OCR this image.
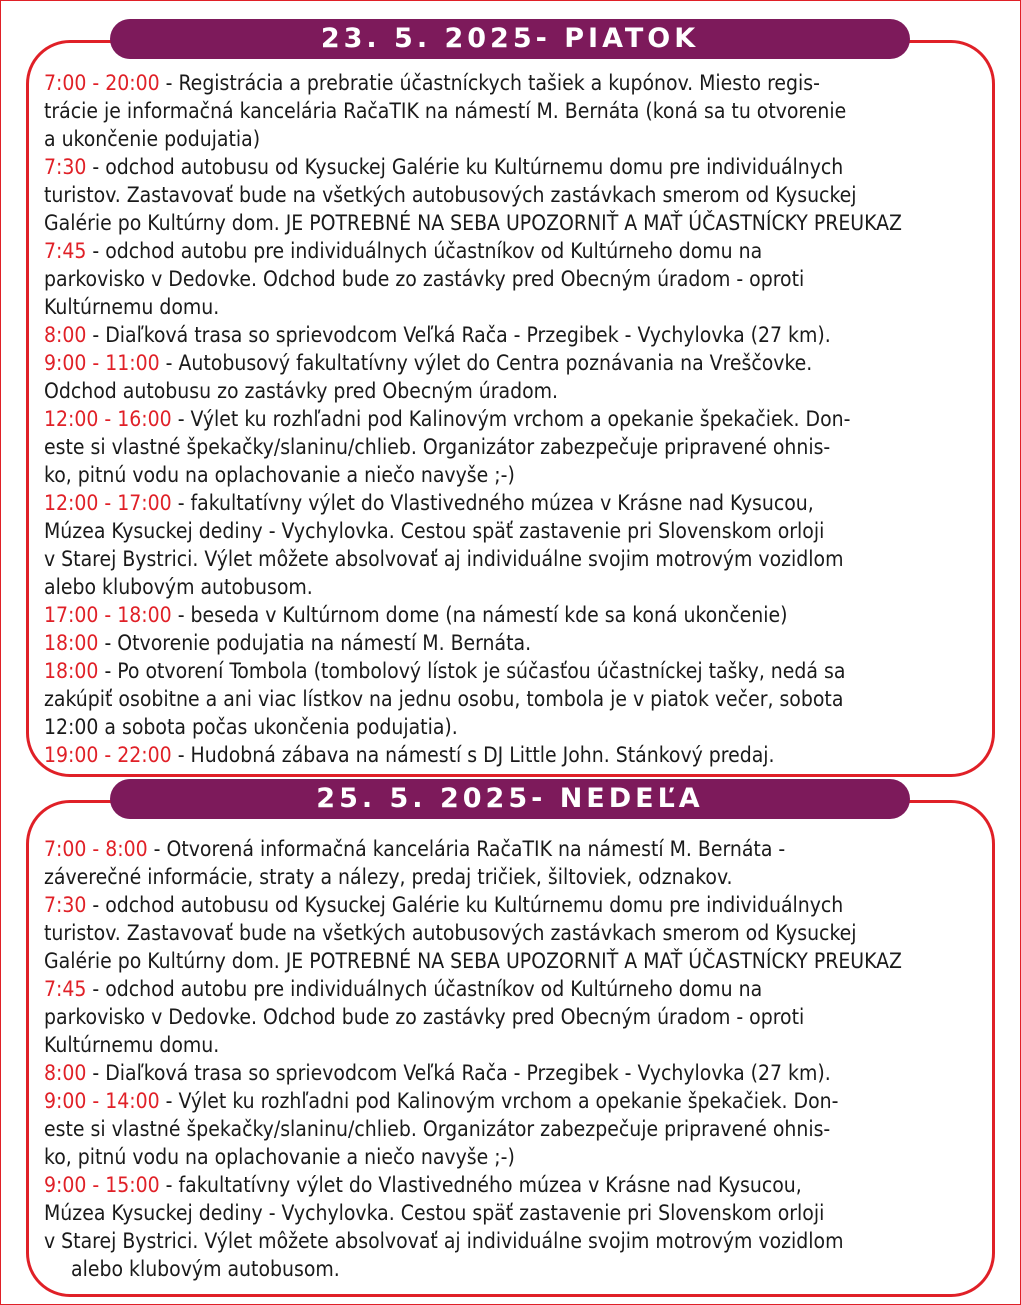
23. 5. 2025- PIATOK
7:00 - 20:00 - Registrácia a prebratie účastníckych tašiek a kupónov. Miesto regis-
trácie je informačná kancelária RačaTIK na námestí M. Bernáta (koná sa tu otvorenie
a ukončenie podujatia)
7:30 - odchod autobusu od Kysuckej Galérie ku Kultúrnemu domu pre individuálnych
turistov. Zastavovať bude na všetkých autobusových zastávkach smerom od Kysuckej
Galérie po Kultúrny dom. JE POTREBNÉ NA SEBA UPOZORNIŤ A MAŤ ÚČASTNÍCKY PREUKAZ
7:45 - odchod autobu pre individuálnych účastníkov od Kultúrneho domu na
parkovisko v Dedovke. Odchod bude zo zastávky pred Obecným úradom - oproti
Kultúrnemu domu.
8:00 - Diaľková trasa so sprievodcom Veľká Rača - Przegibek - Vychylovka (27 km).
9:00 - 11:00 - Autobusový fakultatívny výlet do Centra poznávania na Vreščovke.
Odchod autobusu zo zastávky pred Obecným úradom.
12:00 - 16:00 - Výlet ku rozhľadni pod Kalinovým vrchom a opekanie špekačiek. Don-
este si vlastné špekačky/slaninu/chlieb. Organizátor zabezpečuje pripravené ohnis-
ko, pitnú vodu na oplachovanie a niečo navyše ;-)
12:00 - 17:00 - fakultatívny výlet do Vlastivedného múzea v Krásne nad Kysucou,
Múzea Kysuckej dediny - Vychylovka. Cestou späť zastavenie pri Slovenskom orloji
v Starej Bystrici. Výlet môžete absolvovať aj individuálne svojim motrovým vozidlom
alebo klubovým autobusom.
17:00 - 18:00 - beseda v Kultúrnom dome (na námestí kde sa koná ukončenie)
18:00 - Otvorenie podujatia na námestí M. Bernáta.
18:00 - Po otvorení Tombola (tombolový lístok je súčasťou účastníckej tašky, nedá sa
zakúpiť osobitne a ani viac lístkov na jednu osobu, tombola je v piatok večer, sobota
12:00 a sobota počas ukončenia podujatia).
19:00 - 22:00 - Hudobná zábava na námestí s DJ Little John. Stánkový predaj.
25. 5. 2025- NEDEĽA
7:00 - 8:00 - Otvorená informačná kancelária RačaTIK na námestí M. Bernáta -
záverečné informácie, straty a nálezy, predaj tričiek, šiltoviek, odznakov.
7:30 - odchod autobusu od Kysuckej Galérie ku Kultúrnemu domu pre individuálnych
turistov. Zastavovať bude na všetkých autobusových zastávkach smerom od Kysuckej
Galérie po Kultúrny dom. JE POTREBNÉ NA SEBA UPOZORNIŤ A MAŤ ÚČASTNÍCKY PREUKAZ
7:45 - odchod autobu pre individuálnych účastníkov od Kultúrneho domu na
parkovisko v Dedovke. Odchod bude zo zastávky pred Obecným úradom - oproti
Kultúrnemu domu.
8:00 - Diaľková trasa so sprievodcom Veľká Rača - Przegibek - Vychylovka (27 km).
9:00 - 14:00 - Výlet ku rozhľadni pod Kalinovým vrchom a opekanie špekačiek. Don-
este si vlastné špekačky/slaninu/chlieb. Organizátor zabezpečuje pripravené ohnis-
ko, pitnú vodu na oplachovanie a niečo navyše ;-)
9:00 - 15:00 - fakultatívny výlet do Vlastivedného múzea v Krásne nad Kysucou,
Múzea Kysuckej dediny - Vychylovka. Cestou späť zastavenie pri Slovenskom orloji
v Starej Bystrici. Výlet môžete absolvovať aj individuálne svojim motrovým vozidlom
alebo klubovým autobusom.
